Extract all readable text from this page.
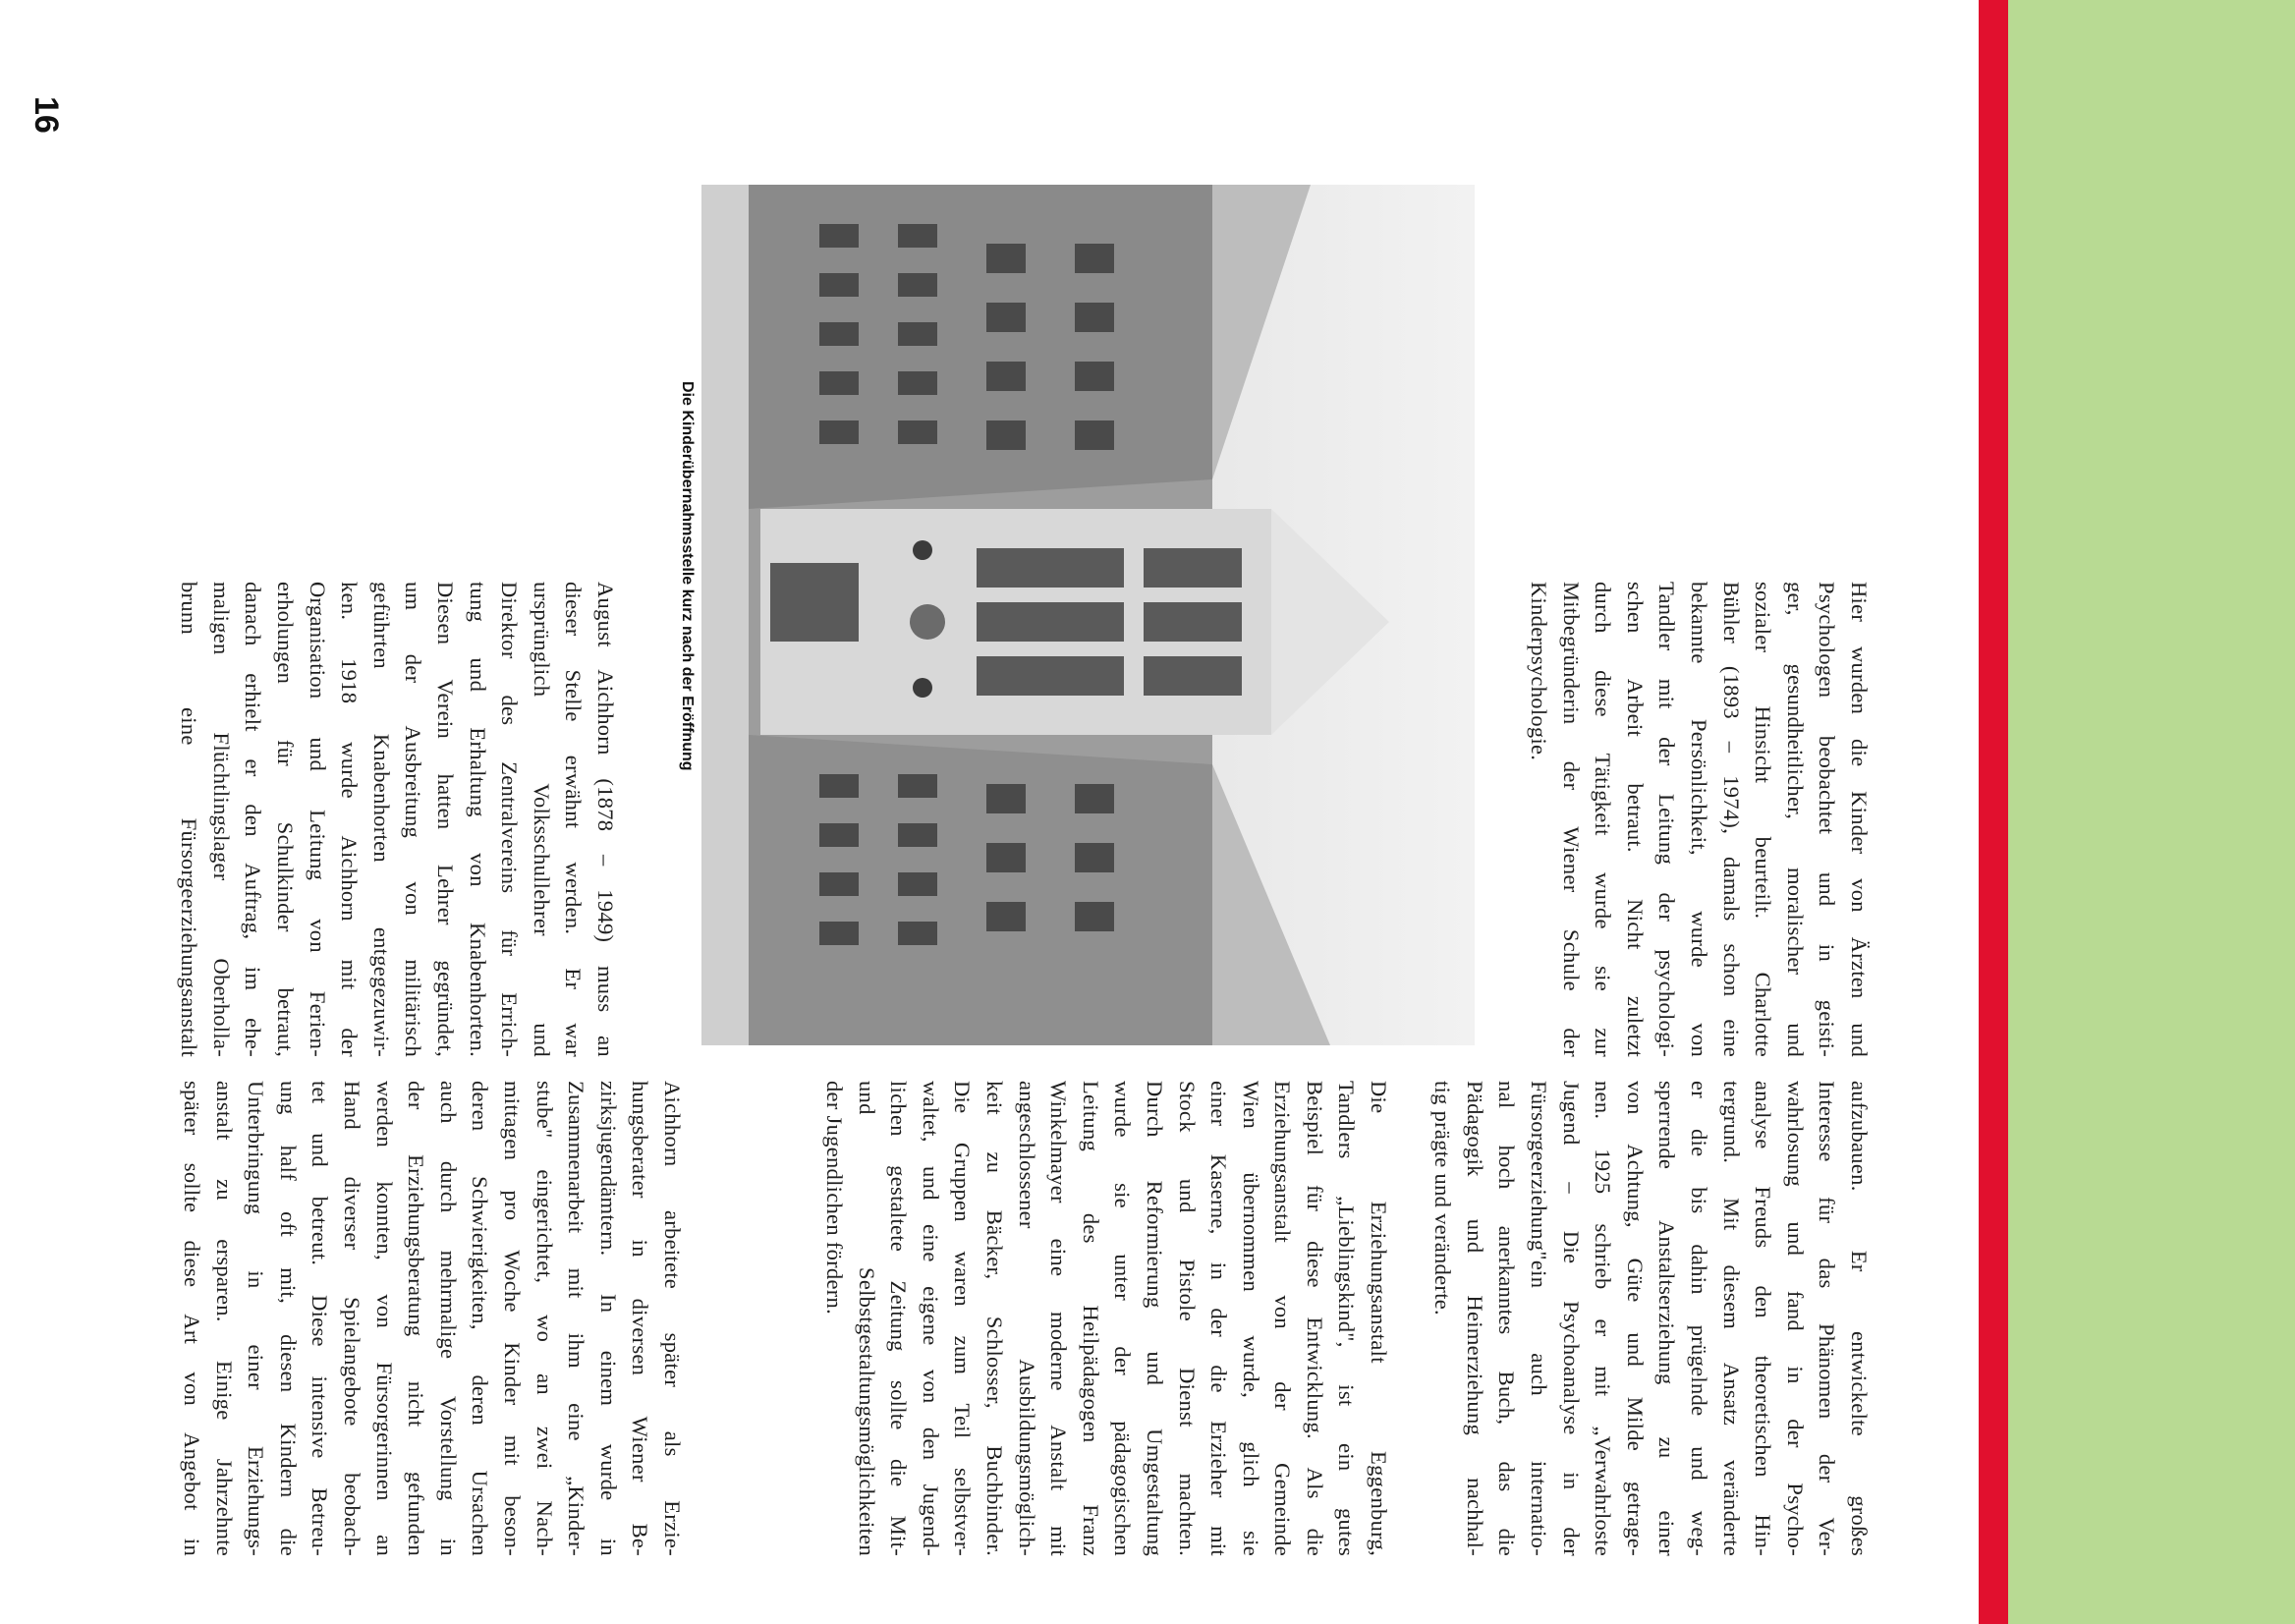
16
Die Kinderübernahmsstelle kurz nach der Eröffnung
Hier wurden die Kinder von Ärzten und
Psychologen beobachtet und in geisti-
ger, gesundheitlicher, moralischer und
sozialer Hinsicht beurteilt. Charlotte
Bühler (1893 – 1974), damals schon eine
bekannte Persönlichkeit, wurde von
Tandler mit der Leitung der psychologi-
schen Arbeit betraut. Nicht zuletzt
durch diese Tätigkeit wurde sie zur
Mitbegründerin der Wiener Schule der
Kinderpsychologie.
August Aichhorn (1878 – 1949) muss an
dieser Stelle erwähnt werden. Er war
ursprünglich Volksschullehrer und
Direktor des Zentralvereins für Errich-
tung und Erhaltung von Knabenhorten.
Diesen Verein hatten Lehrer gegründet,
um der Ausbreitung von militärisch
geführten Knabenhorten entgegezuwir-
ken. 1918 wurde Aichhorn mit der
Organisation und Leitung von Ferien-
erholungen für Schulkinder betraut,
danach erhielt er den Auftrag, im ehe-
maligen Flüchtlingslager Oberholla-
brunn eine Fürsorgeerziehungsanstalt
aufzubauen. Er entwickelte großes
Interesse für das Phänomen der Ver-
wahrlosung und fand in der Psycho-
analyse Freuds den theoretischen Hin-
tergrund. Mit diesem Ansatz veränderte
er die bis dahin prügelnde und weg-
sperrende Anstaltserziehung zu einer
von Achtung, Güte und Milde getrage-
nen. 1925 schrieb er mit „Verwahrloste
Jugend – Die Psychoanalyse in der
Fürsorgeerziehung"ein auch internatio-
nal hoch anerkanntes Buch, das die
Pädagogik und Heimerziehung nachhal-
tig prägte und veränderte.
Die Erziehungsanstalt Eggenburg,
Tandlers „Lieblingskind", ist ein gutes
Beispiel für diese Entwicklung. Als die
Erziehungsanstalt von der Gemeinde
Wien übernommen wurde, glich sie
einer Kaserne, in der die Erzieher mit
Stock und Pistole Dienst machten.
Durch Reformierung und Umgestaltung
wurde sie unter der pädagogischen
Leitung des Heilpädagogen Franz
Winkelmayer eine moderne Anstalt mit
angeschlossener Ausbildungsmöglich-
keit zu Bäcker, Schlosser, Buchbinder.
Die Gruppen waren zum Teil selbstver-
waltet, und eine eigene von den Jugend-
lichen gestaltete Zeitung sollte die Mit-
und Selbstgestaltungsmöglichkeiten
der Jugendlichen fördern.
Aichhorn arbeitete später als Erzie-
hungsberater in diversen Wiener Be-
zirksjugendämtern. In einem wurde in
Zusammenarbeit mit ihm eine „Kinder-
stube" eingerichtet, wo an zwei Nach-
mittagen pro Woche Kinder mit beson-
deren Schwierigkeiten, deren Ursachen
auch durch mehrmalige Vorstellung in
der Erziehungsberatung nicht gefunden
werden konnten, von Fürsorgerinnen an
Hand diverser Spielangebote beobach-
tet und betreut. Diese intensive Betreu-
ung half oft mit, diesen Kindern die
Unterbringung in einer Erziehungs-
anstalt zu ersparen. Einige Jahrzehnte
später sollte diese Art von Angebot in
